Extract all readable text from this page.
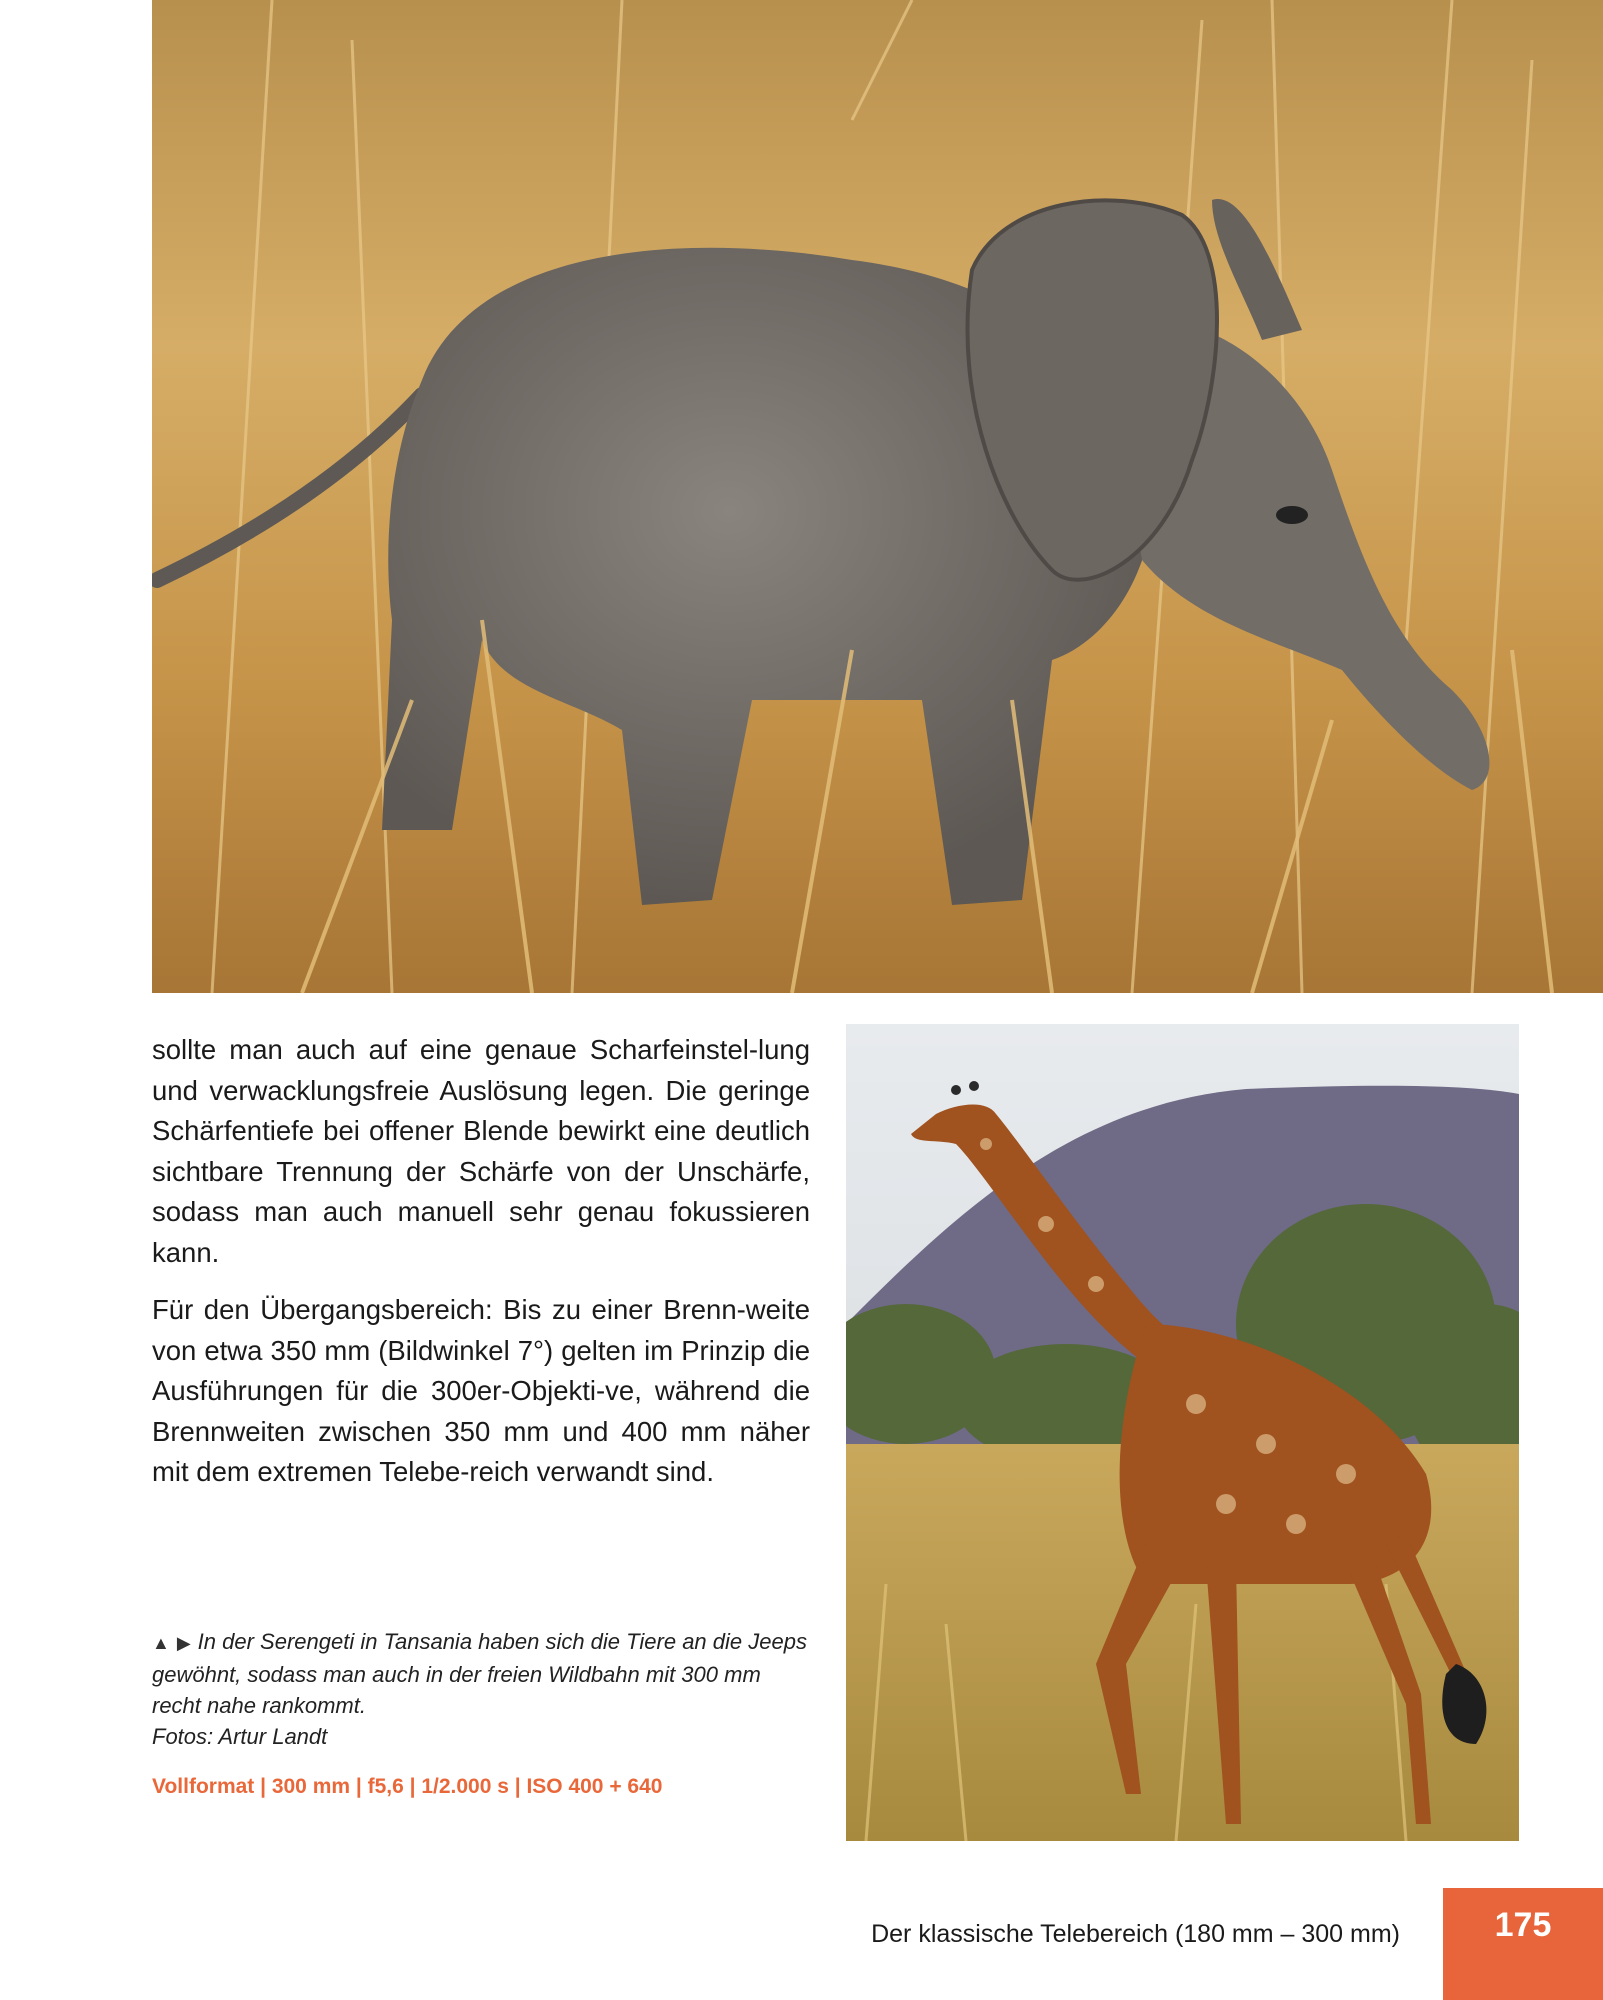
sollte man auch auf eine genaue Scharfeinstel-lung und verwacklungsfreie Auslösung legen. Die geringe Schärfentiefe bei offener Blende bewirkt eine deutlich sichtbare Trennung der Schärfe von der Unschärfe, sodass man auch manuell sehr genau fokussieren kann.

Für den Übergangsbereich: Bis zu einer Brenn-weite von etwa 350 mm (Bildwinkel 7°) gelten im Prinzip die Ausführungen für die 300er-Objekti-ve, während die Brennweiten zwischen 350 mm und 400 mm näher mit dem extremen Telebe-reich verwandt sind.

▲ ▶ In der Serengeti in Tansania haben sich die Tiere an die Jeeps gewöhnt, sodass man auch in der freien Wildbahn mit 300 mm recht nahe rankommt.
Fotos: Artur Landt
Vollformat | 300 mm | f5,6 | 1/2.000 s | ISO 400 + 640
Der klassische Telebereich (180 mm – 300 mm)	175
